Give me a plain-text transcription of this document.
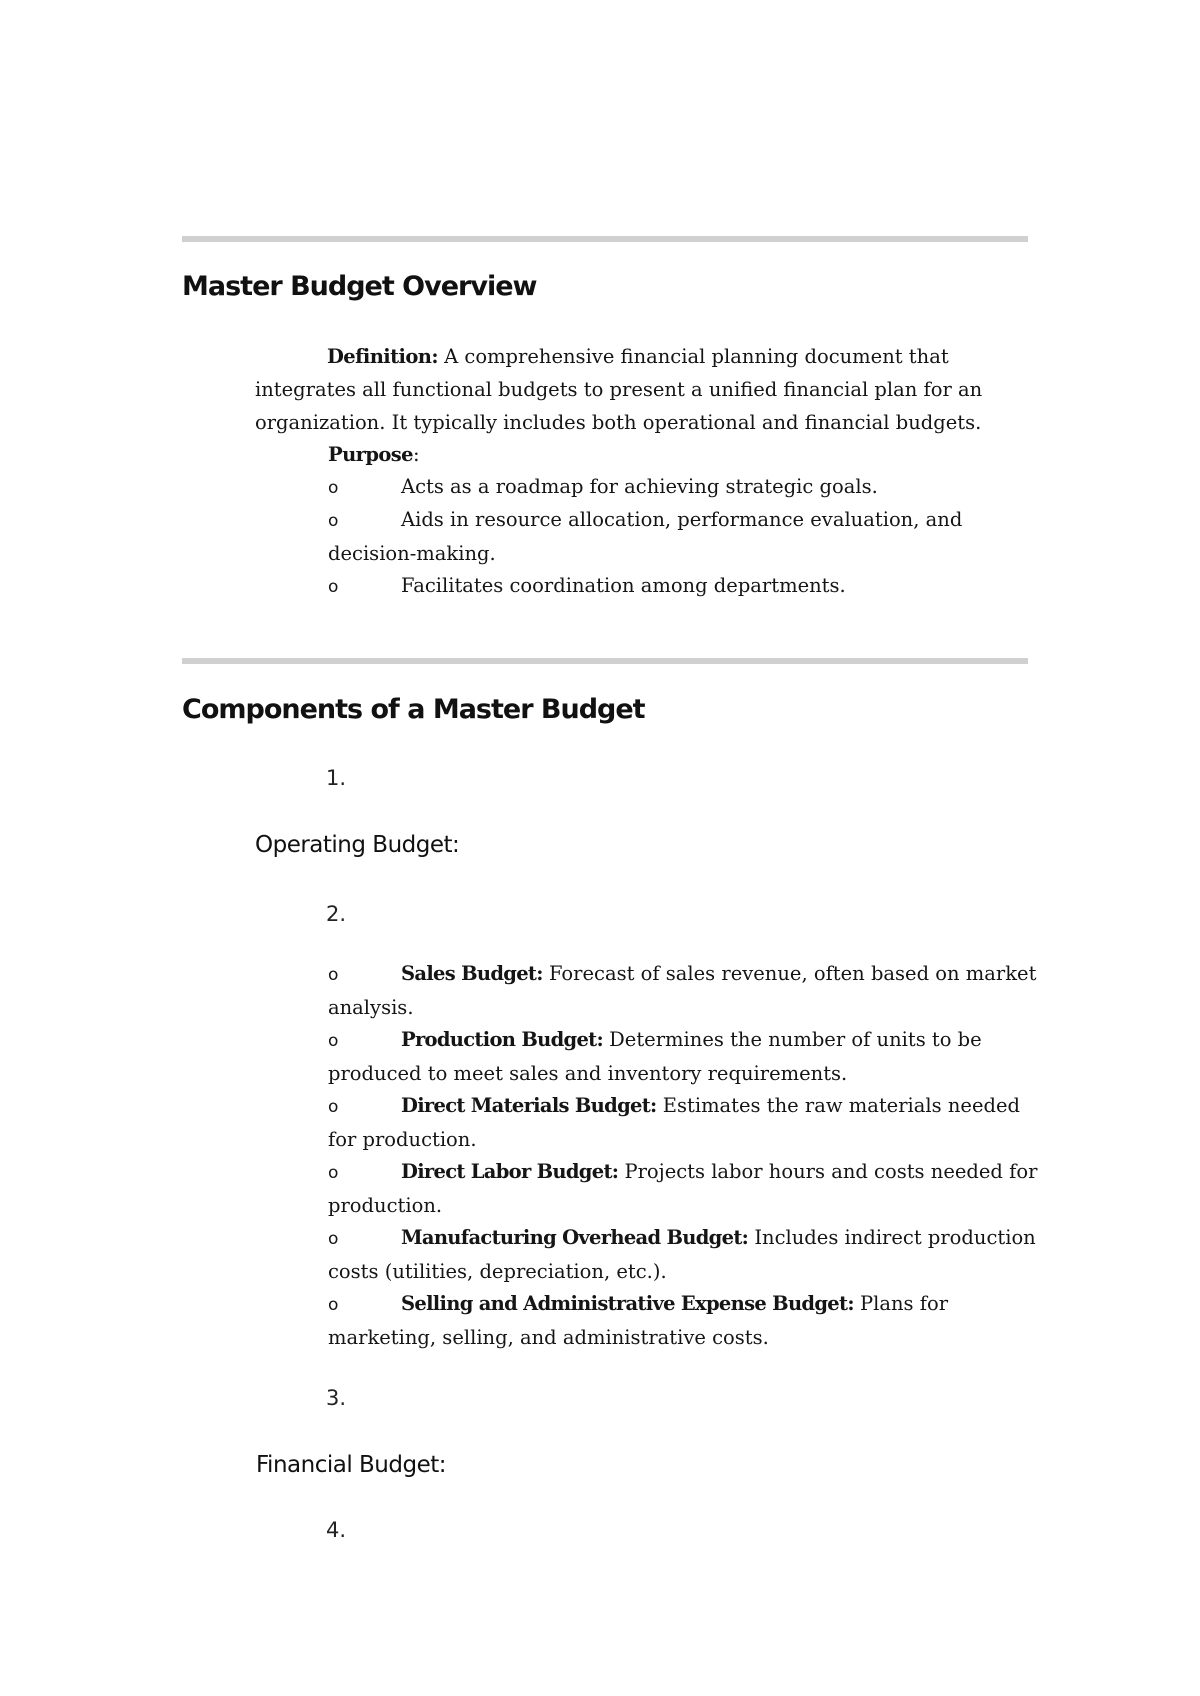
Master Budget Overview
Definition: A comprehensive financial planning document that integrates all functional budgets to present a unified financial plan for an organization. It typically includes both operational and financial budgets.
Purpose:
o	Acts as a roadmap for achieving strategic goals.
o	Aids in resource allocation, performance evaluation, and decision-making.
o	Facilitates coordination among departments.
Components of a Master Budget
1.
Operating Budget:
2.
o	Sales Budget: Forecast of sales revenue, often based on market analysis.
o	Production Budget: Determines the number of units to be produced to meet sales and inventory requirements.
o	Direct Materials Budget: Estimates the raw materials needed for production.
o	Direct Labor Budget: Projects labor hours and costs needed for production.
o	Manufacturing Overhead Budget: Includes indirect production costs (utilities, depreciation, etc.).
o	Selling and Administrative Expense Budget: Plans for marketing, selling, and administrative costs.
3.
Financial Budget:
4.
